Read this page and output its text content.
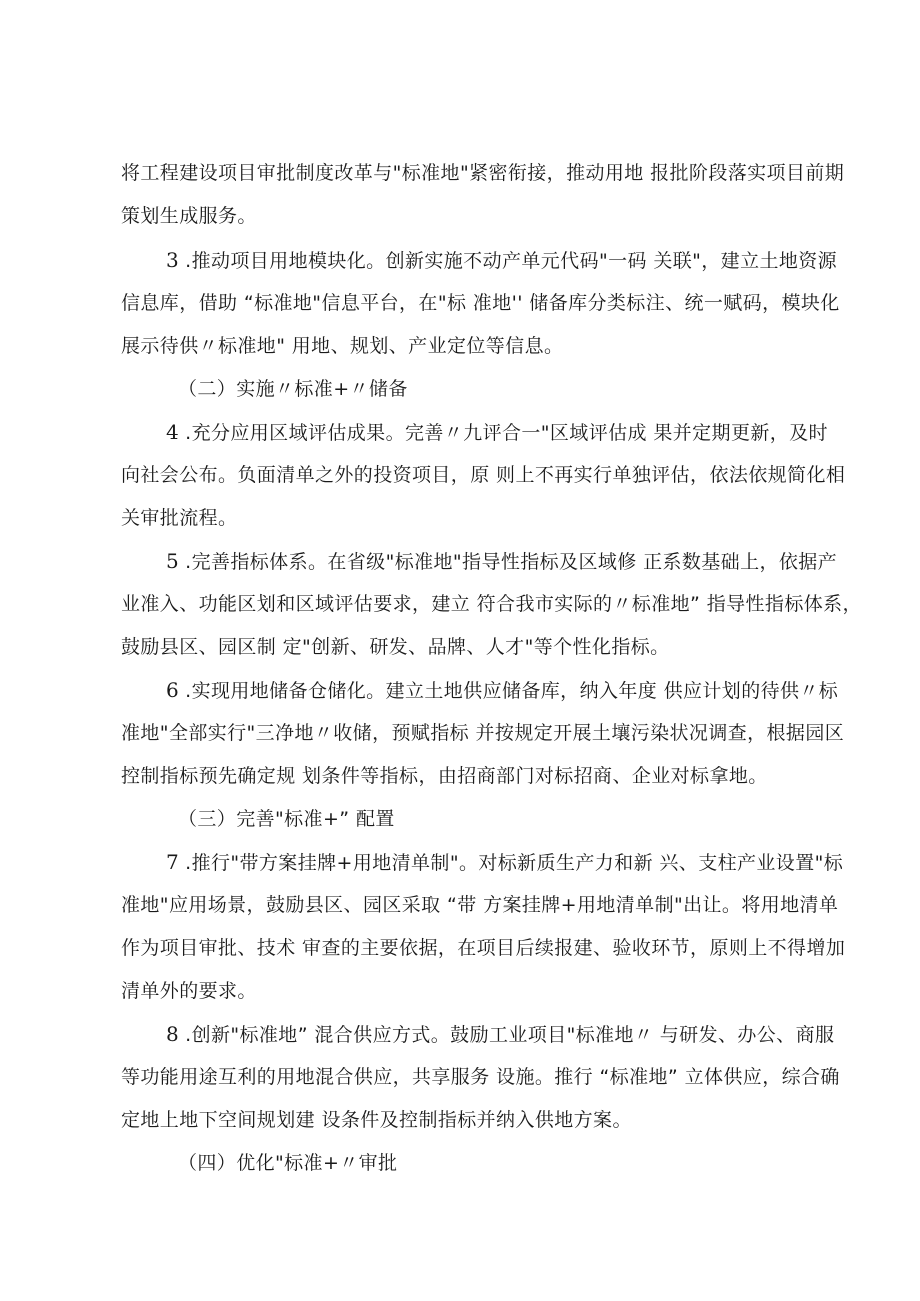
将工程建设项目审批制度改革与"标准地"紧密衔接，推动用地 报批阶段落实项目前期
策划生成服务。
3 .推动项目用地模块化。创新实施不动产单元代码"一码 关联"，建立土地资源
信息库，借助 “标准地"信息平台，在"标 准地'' 储备库分类标注、统一赋码，模块化
展示待供〃标准地" 用地、规划、产业定位等信息。
（二）实施〃标准+〃储备
4 .充分应用区域评估成果。完善〃九评合一"区域评估成 果并定期更新，及时
向社会公布。负面清单之外的投资项目，原 则上不再实行单独评估，依法依规简化相
关审批流程。
5 .完善指标体系。在省级"标准地"指导性指标及区域修 正系数基础上，依据产
业准入、功能区划和区域评估要求，建立 符合我市实际的〃标准地” 指导性指标体系，
鼓励县区、园区制 定"创新、研发、品牌、人才"等个性化指标。
6 .实现用地储备仓储化。建立土地供应储备库，纳入年度 供应计划的待供〃标
准地"全部实行"三净地〃收储，预赋指标 并按规定开展土壤污染状况调查，根据园区
控制指标预先确定规 划条件等指标，由招商部门对标招商、企业对标拿地。
（三）完善"标准+” 配置
7 .推行"带方案挂牌+用地清单制"。对标新质生产力和新 兴、支柱产业设置"标
准地"应用场景，鼓励县区、园区采取 “带 方案挂牌+用地清单制"出让。将用地清单
作为项目审批、技术 审查的主要依据，在项目后续报建、验收环节，原则上不得增加
清单外的要求。
8 .创新"标准地” 混合供应方式。鼓励工业项目"标准地〃 与研发、办公、商服
等功能用途互利的用地混合供应，共享服务 设施。推行 “标准地” 立体供应，综合确
定地上地下空间规划建 设条件及控制指标并纳入供地方案。
（四）优化"标准+〃审批
